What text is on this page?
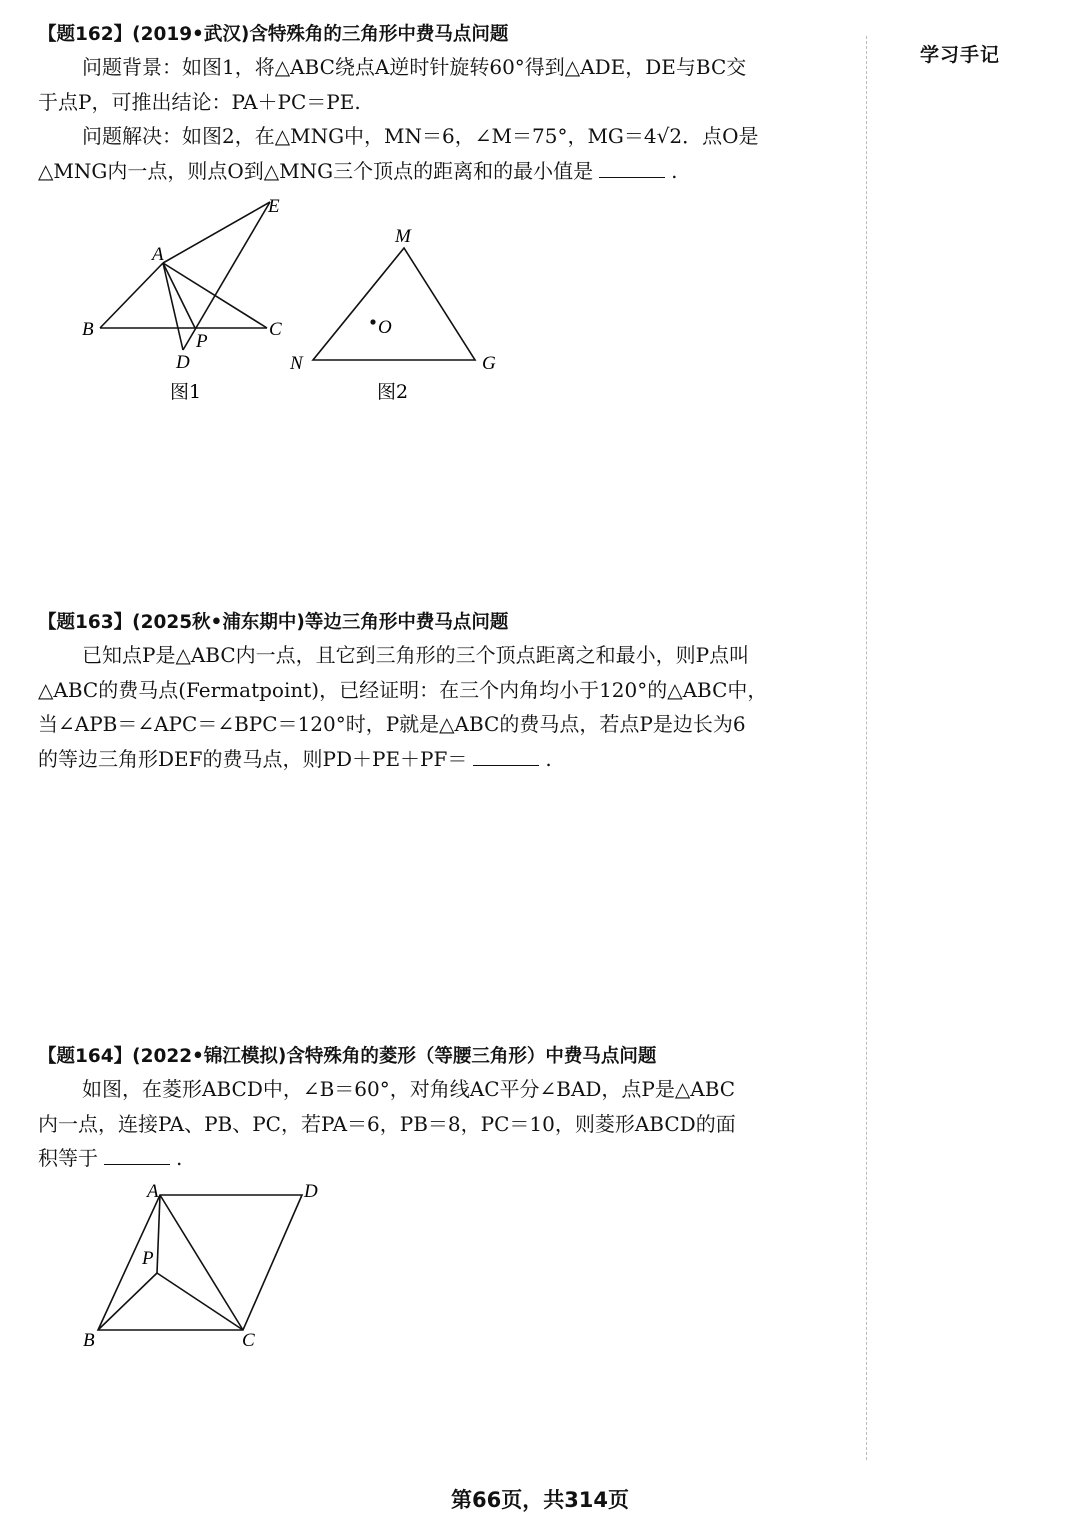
学习手记

【题162】(2019•武汉)含特殊角的三角形中费马点问题

问题背景：如图1，将△ABC绕点A逆时针旋转60°得到△ADE，DE与BC交

于点P，可推出结论：PA＋PC＝PE.

问题解决：如图2，在△MNG中，MN＝6，∠M＝75°，MG＝4√2．点O是

△MNG内一点，则点O到△MNG三个顶点的距离和的最小值是	.

A
E
B	C
P
D
图1
M
O
N	G
图2

【题163】(2025秋•浦东期中)等边三角形中费马点问题

已知点P是△ABC内一点，且它到三角形的三个顶点距离之和最小，则P点叫

△ABC的费马点(Fermatpoint)，已经证明：在三个内角均小于120°的△ABC中，

当∠APB＝∠APC＝∠BPC＝120°时，P就是△ABC的费马点，若点P是边长为6

的等边三角形DEF的费马点，则PD＋PE＋PF＝	.

【题164】(2022•锦江模拟)含特殊角的菱形（等腰三角形）中费马点问题

如图，在菱形ABCD中，∠B＝60°，对角线AC平分∠BAD，点P是△ABC

内一点，连接PA、PB、PC，若PA＝6，PB＝8，PC＝10，则菱形ABCD的面

积等于	.

A	D
P
B	C
第66页，共314页
